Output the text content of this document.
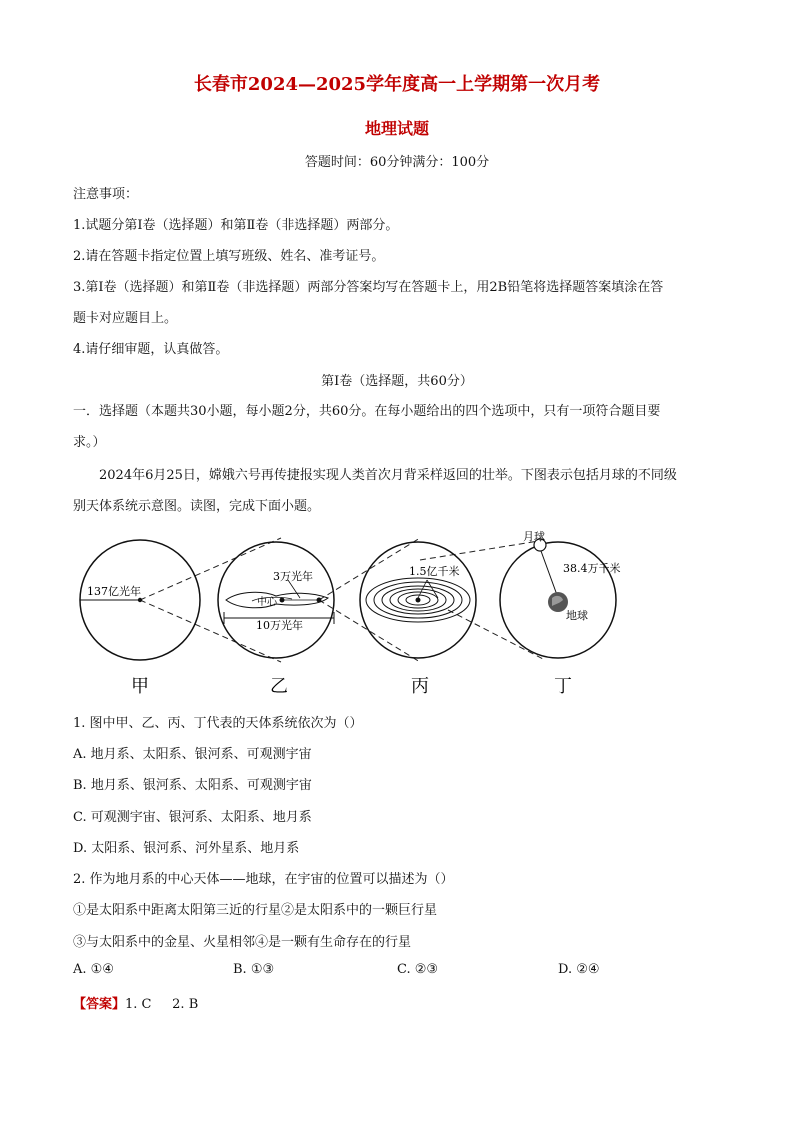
长春市2024—2025学年度高一上学期第一次月考
地理试题
答题时间：60分钟满分：100分
注意事项：
1.试题分第Ⅰ卷（选择题）和第Ⅱ卷（非选择题）两部分。
2.请在答题卡指定位置上填写班级、姓名、准考证号。
3.第Ⅰ卷（选择题）和第Ⅱ卷（非选择题）两部分答案均写在答题卡上，用2B铅笔将选择题答案填涂在答
题卡对应题目上。
4.请仔细审题，认真做答。
第Ⅰ卷（选择题，共60分）
一．选择题（本题共30小题，每小题2分，共60分。在每小题给出的四个选项中，只有一项符合题目要
求。）
2024年6月25日，嫦娥六号再传捷报实现人类首次月背采样返回的壮举。下图表示包括月球的不同级
别天体系统示意图。读图，完成下面小题。
137亿光年
甲
3万光年
中心
10万光年
乙
1.5亿千米
丙
月球
38.4万千米
地球
丁
1. 图中甲、乙、丙、丁代表的天体系统依次为（）
A. 地月系、太阳系、银河系、可观测宇宙
B. 地月系、银河系、太阳系、可观测宇宙
C. 可观测宇宙、银河系、太阳系、地月系
D. 太阳系、银河系、河外星系、地月系
2. 作为地月系的中心天体——地球，在宇宙的位置可以描述为（）
①是太阳系中距离太阳第三近的行星②是太阳系中的一颗巨行星
③与太阳系中的金星、火星相邻④是一颗有生命存在的行星
A. ①④	B. ①③	C. ②③	D. ②④
【答案】1. C     2. B
